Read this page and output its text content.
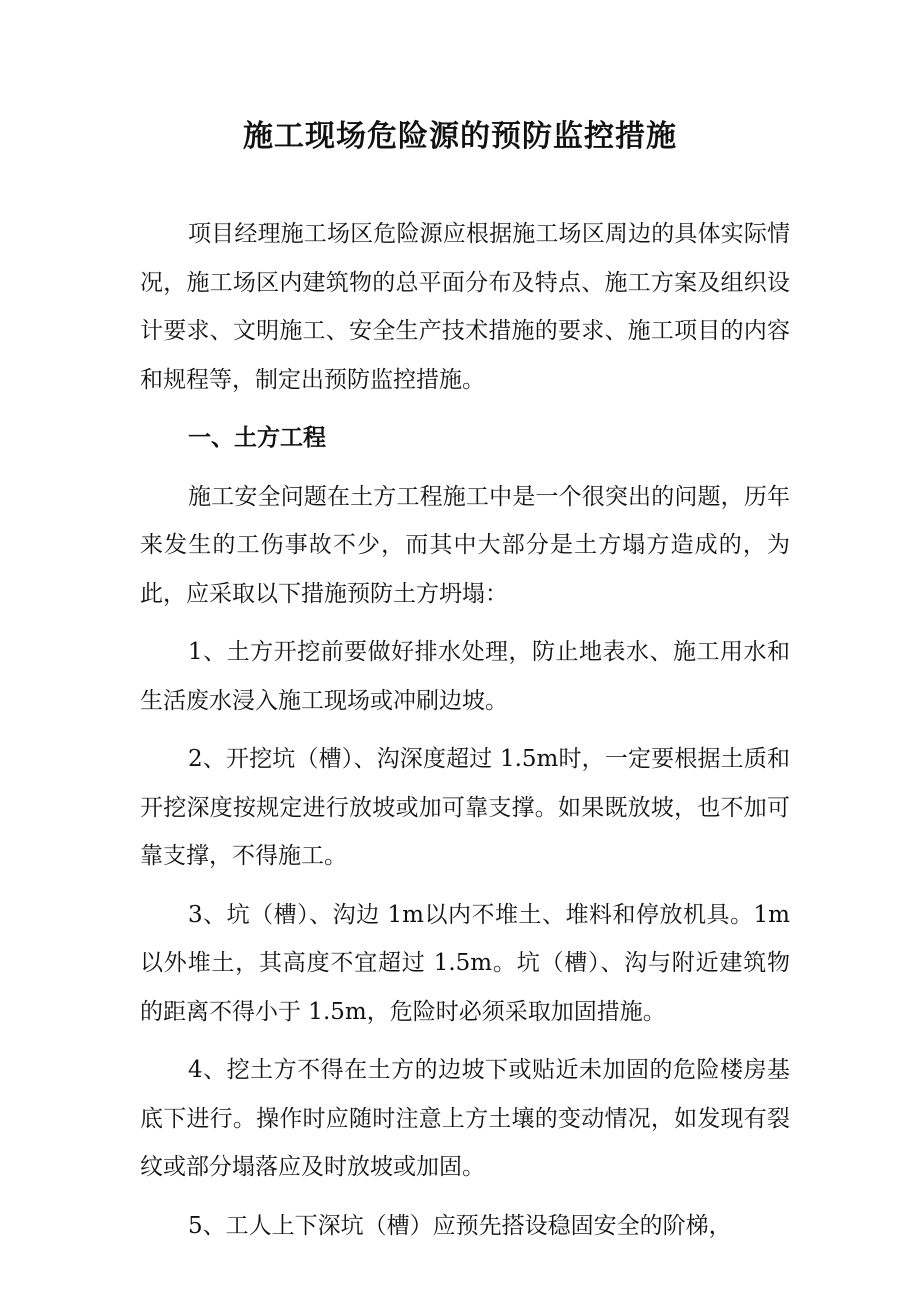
施工现场危险源的预防监控措施

项目经理施工场区危险源应根据施工场区周边的具体实际情况，施工场区内建筑物的总平面分布及特点、施工方案及组织设计要求、文明施工、安全生产技术措施的要求、施工项目的内容和规程等，制定出预防监控措施。

一、土方工程

施工安全问题在土方工程施工中是一个很突出的问题，历年来发生的工伤事故不少，而其中大部分是土方塌方造成的，为此，应采取以下措施预防土方坍塌：

1、土方开挖前要做好排水处理，防止地表水、施工用水和生活废水浸入施工现场或冲刷边坡。

2、开挖坑（槽）、沟深度超过 1.5m时，一定要根据土质和开挖深度按规定进行放坡或加可靠支撑。如果既放坡，也不加可靠支撑，不得施工。

3、坑（槽）、沟边 1m以内不堆土、堆料和停放机具。1m以外堆土，其高度不宜超过 1.5m。坑（槽）、沟与附近建筑物的距离不得小于 1.5m，危险时必须采取加固措施。

4、挖土方不得在土方的边坡下或贴近未加固的危险楼房基底下进行。操作时应随时注意上方土壤的变动情况，如发现有裂纹或部分塌落应及时放坡或加固。

5、工人上下深坑（槽）应预先搭设稳固安全的阶梯，
